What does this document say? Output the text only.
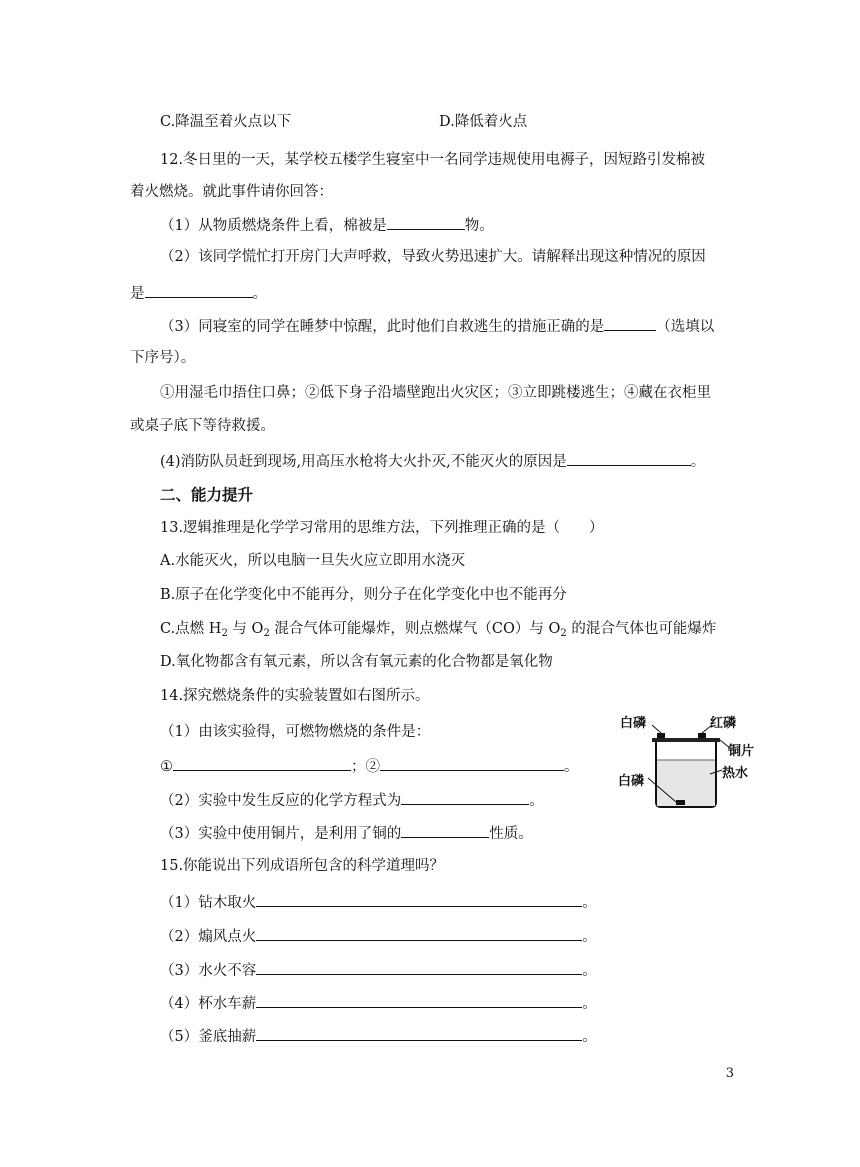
C.降温至着火点以下	D.降低着火点
12.冬日里的一天，某学校五楼学生寝室中一名同学违规使用电褥子，因短路引发棉被
着火燃烧。就此事件请你回答：
（1）从物质燃烧条件上看，棉被是	物。
（2）该同学慌忙打开房门大声呼救，导致火势迅速扩大。请解释出现这种情况的原因
是	。
（3）同寝室的同学在睡梦中惊醒，此时他们自救逃生的措施正确的是	（选填以
下序号）。
①用湿毛巾捂住口鼻；②低下身子沿墙壁跑出火灾区；③立即跳楼逃生；④藏在衣柜里
或桌子底下等待救援。
(4)消防队员赶到现场,用高压水枪将大火扑灭,不能灭火的原因是	。
二、能力提升
13.逻辑推理是化学学习常用的思维方法，下列推理正确的是（　　）
A.水能灭火，所以电脑一旦失火应立即用水浇灭
B.原子在化学变化中不能再分，则分子在化学变化中也不能再分
C.点燃 $H_2$ 与 $O_2$ 混合气体可能爆炸，则点燃煤气（CO）与 $O_2$ 的混合气体也可能爆炸
D.氧化物都含有氧元素，所以含有氧元素的化合物都是氧化物
14.探究燃烧条件的实验装置如右图所示。
（1）由该实验得，可燃物燃烧的条件是：
①	；②	。
（2）实验中发生反应的化学方程式为	。
（3）实验中使用铜片，是利用了铜的	性质。
白磷	红磷
铜片
白磷
热水
15.你能说出下列成语所包含的科学道理吗？
（1）钻木取火	。
（2）煽风点火	。
（3）水火不容	。
（4）杯水车薪	。
（5）釜底抽薪	。
3
